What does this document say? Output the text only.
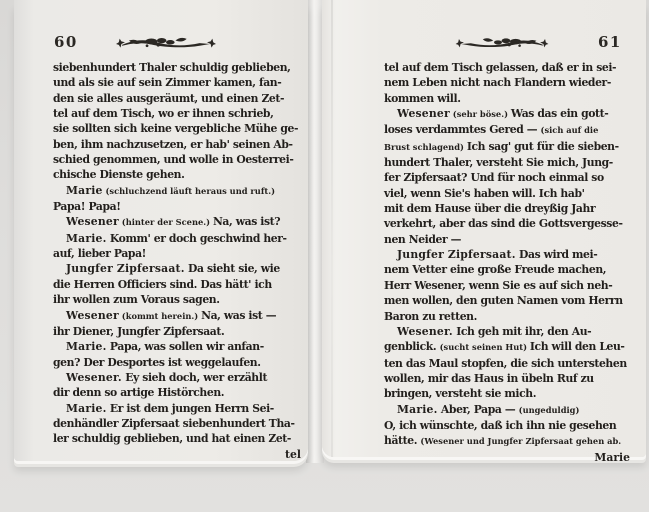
60
siebenhundert Thaler schuldig geblieben,
und als sie auf sein Zimmer kamen, fan-
den sie alles ausgeräumt, und einen Zet-
tel auf dem Tisch, wo er ihnen schrieb,
sie sollten sich keine vergebliche Mühe ge-
ben, ihm nachzusetzen, er hab' seinen Ab-
schied genommen, und wolle in Oesterrei-
chische Dienste gehen.
Marie (schluchzend läuft heraus und ruft.)
Papa! Papa!
Wesener (hinter der Scene.) Na, was ist?
Marie. Komm' er doch geschwind her-
auf, lieber Papa!
Jungfer Zipfersaat. Da sieht sie, wie
die Herren Officiers sind. Das hätt' ich
ihr wollen zum Voraus sagen.
Wesener (kommt herein.) Na, was ist —
ihr Diener, Jungfer Zipfersaat.
Marie. Papa, was sollen wir anfan-
gen? Der Desportes ist weggelaufen.
Wesener. Ey sieh doch, wer erzählt
dir denn so artige Histörchen.
Marie. Er ist dem jungen Herrn Sei-
denhändler Zipfersaat siebenhundert Tha-
ler schuldig geblieben, und hat einen Zet-
tel
61
tel auf dem Tisch gelassen, daß er in sei-
nem Leben nicht nach Flandern wieder-
kommen will.
Wesener (sehr böse.) Was das ein gott-
loses verdammtes Gered — (sich auf die
Brust schlagend) Ich sag' gut für die sieben-
hundert Thaler, versteht Sie mich, Jung-
fer Zipfersaat? Und für noch einmal so
viel, wenn Sie's haben will. Ich hab'
mit dem Hause über die dreyßig Jahr
verkehrt, aber das sind die Gottsvergesse-
nen Neider —
Jungfer Zipfersaat. Das wird mei-
nem Vetter eine große Freude machen,
Herr Wesener, wenn Sie es auf sich neh-
men wollen, den guten Namen vom Herrn
Baron zu retten.
Wesener. Ich geh mit ihr, den Au-
genblick. (sucht seinen Hut) Ich will den Leu-
ten das Maul stopfen, die sich unterstehen
wollen, mir das Haus in übeln Ruf zu
bringen, versteht sie mich.
Marie. Aber, Papa — (ungeduldig)
O, ich wünschte, daß ich ihn nie gesehen
hätte. (Wesener und Jungfer Zipfersaat gehen ab.
Marie
